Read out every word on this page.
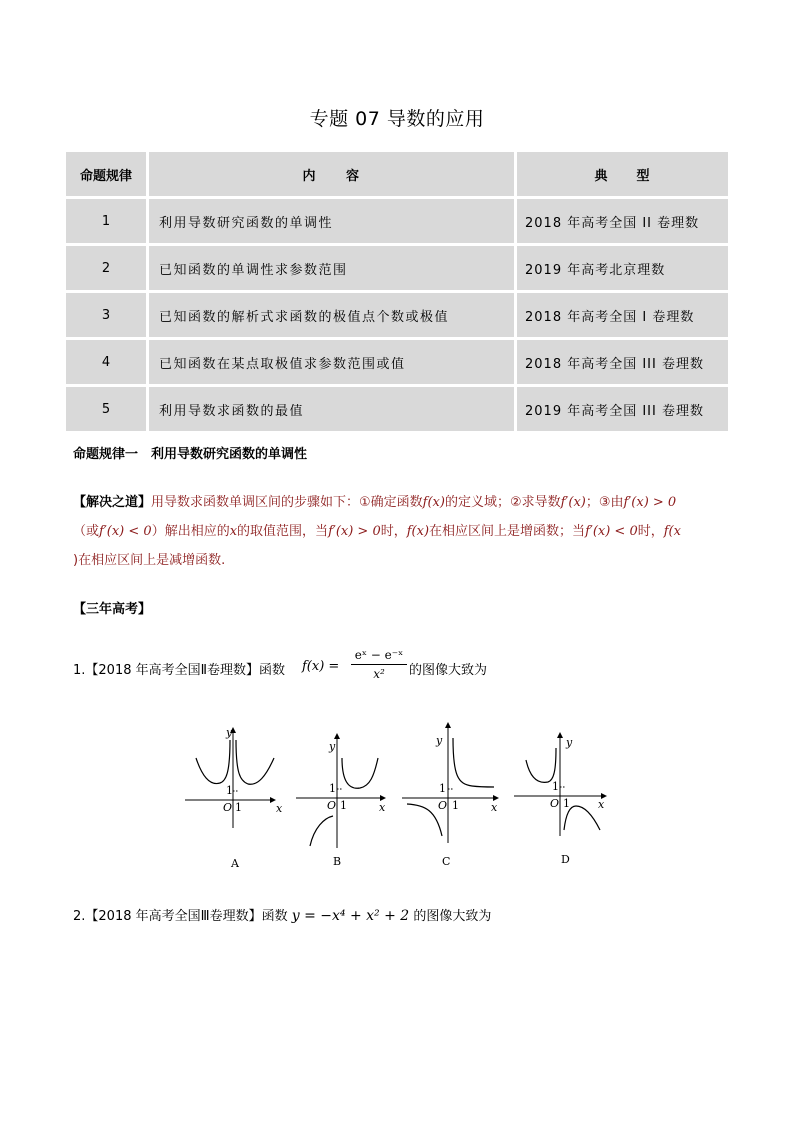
专题 07 导数的应用
命题规律	内　　容	典　　型
1	利用导数研究函数的单调性	2018 年高考全国 II 卷理数
2	已知函数的单调性求参数范围	2019 年高考北京理数
3	已知函数的解析式求函数的极值点个数或极值	2018 年高考全国 I 卷理数
4	已知函数在某点取极值求参数范围或值	2018 年高考全国 III 卷理数
5	利用导数求函数的最值	2019 年高考全国 III 卷理数
命题规律一　利用导数研究函数的单调性
【解决之道】用导数求函数单调区间的步骤如下：①确定函数f(x)的定义域；②求导数f′(x)；③由f′(x) > 0
（或f′(x) < 0）解出相应的x的取值范围，当f′(x) > 0时，f(x)在相应区间上是增函数；当f′(x) < 0时，f(x
)在相应区间上是减增函数.
【三年高考】
1.【2018 年高考全国Ⅱ卷理数】函数 f(x) =
eˣ − e⁻ˣ
x²	的图像大致为
y
x
O
1
1
A
y
x
O
1
1
B
y
x
O
1
1
C
y
x
O
1
1
D
2.【2018 年高考全国Ⅲ卷理数】函数 y = −x⁴ + x² + 2 的图像大致为
